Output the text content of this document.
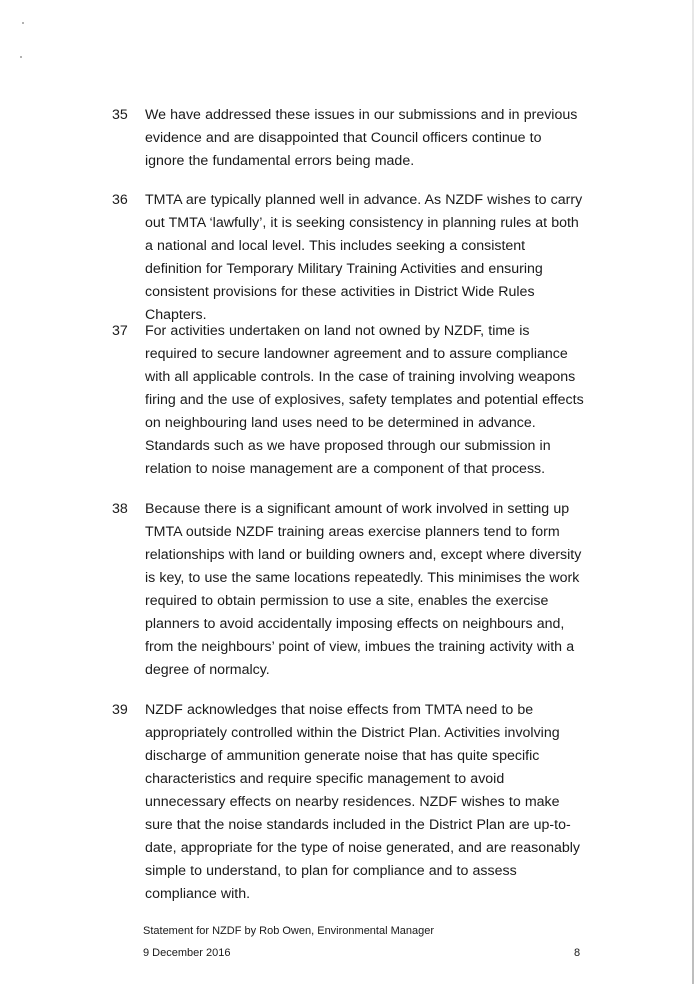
35	We have addressed these issues in our submissions and in previous evidence and are disappointed that Council officers continue to ignore the fundamental errors being made.
36	TMTA are typically planned well in advance. As NZDF wishes to carry out TMTA ‘lawfully’, it is seeking consistency in planning rules at both a national and local level. This includes seeking a consistent definition for Temporary Military Training Activities and ensuring consistent provisions for these activities in District Wide Rules Chapters.
37	For activities undertaken on land not owned by NZDF, time is required to secure landowner agreement and to assure compliance with all applicable controls. In the case of training involving weapons firing and the use of explosives, safety templates and potential effects on neighbouring land uses need to be determined in advance. Standards such as we have proposed through our submission in relation to noise management are a component of that process.
38	Because there is a significant amount of work involved in setting up TMTA outside NZDF training areas exercise planners tend to form relationships with land or building owners and, except where diversity is key, to use the same locations repeatedly. This minimises the work required to obtain permission to use a site, enables the exercise planners to avoid accidentally imposing effects on neighbours and, from the neighbours’ point of view, imbues the training activity with a degree of normalcy.
39	NZDF acknowledges that noise effects from TMTA need to be appropriately controlled within the District Plan. Activities involving discharge of ammunition generate noise that has quite specific characteristics and require specific management to avoid unnecessary effects on nearby residences. NZDF wishes to make sure that the noise standards included in the District Plan are up-to-date, appropriate for the type of noise generated, and are reasonably simple to understand, to plan for compliance and to assess compliance with.
Statement for NZDF by Rob Owen, Environmental Manager
9 December 2016	8
